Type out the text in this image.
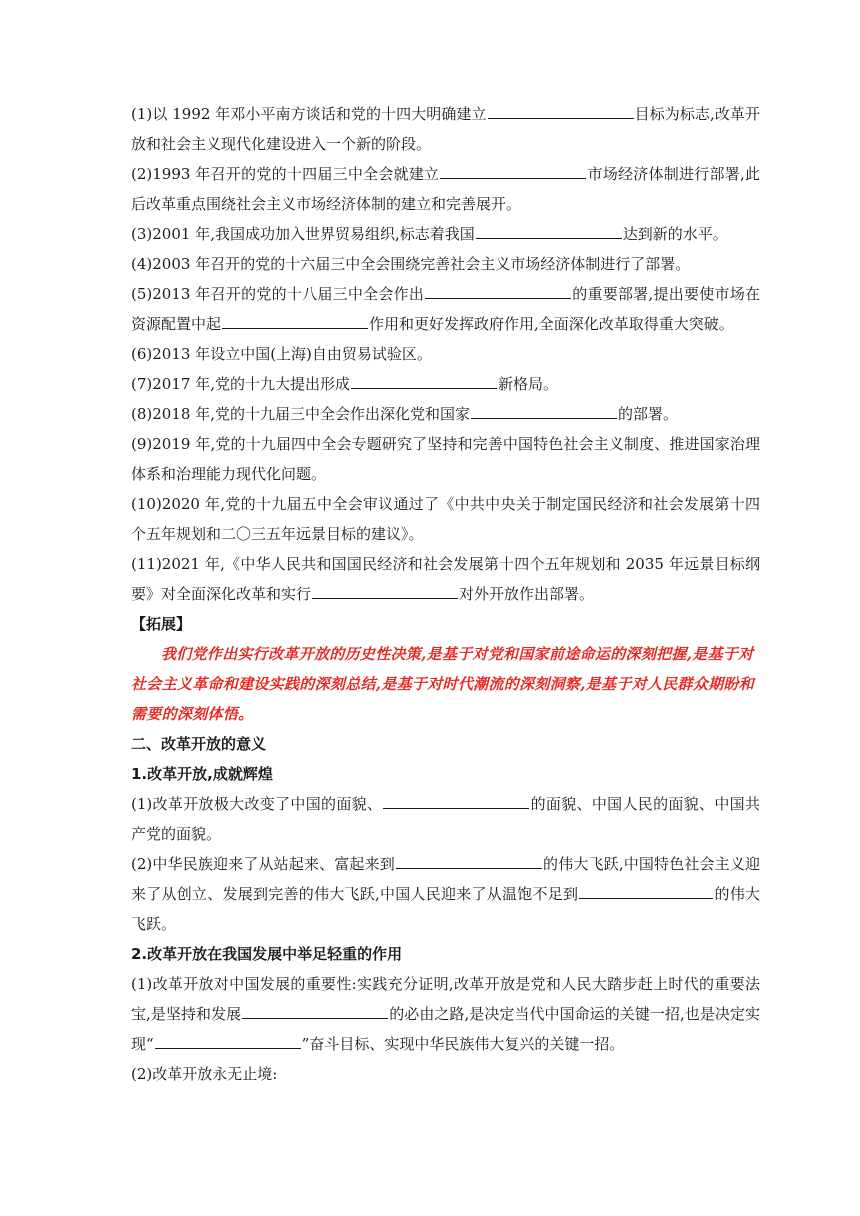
(1)以 1992 年邓小平南方谈话和党的十四大明确建立	目标为标志,改革开放和社会主义现代化建设进入一个新的阶段。

(2)1993 年召开的党的十四届三中全会就建立	市场经济体制进行部署,此后改革重点围绕社会主义市场经济体制的建立和完善展开。

(3)2001 年,我国成功加入世界贸易组织,标志着我国	达到新的水平。

(4)2003 年召开的党的十六届三中全会围绕完善社会主义市场经济体制进行了部署。

(5)2013 年召开的党的十八届三中全会作出	的重要部署,提出要使市场在资源配置中起	作用和更好发挥政府作用,全面深化改革取得重大突破。

(6)2013 年设立中国(上海)自由贸易试验区。

(7)2017 年,党的十九大提出形成	新格局。

(8)2018 年,党的十九届三中全会作出深化党和国家	的部署。

(9)2019 年,党的十九届四中全会专题研究了坚持和完善中国特色社会主义制度、推进国家治理体系和治理能力现代化问题。

(10)2020 年,党的十九届五中全会审议通过了《中共中央关于制定国民经济和社会发展第十四个五年规划和二〇三五年远景目标的建议》。

(11)2021 年,《中华人民共和国国民经济和社会发展第十四个五年规划和 2035 年远景目标纲要》对全面深化改革和实行	对外开放作出部署。

【拓展】

我们党作出实行改革开放的历史性决策,是基于对党和国家前途命运的深刻把握,是基于对社会主义革命和建设实践的深刻总结,是基于对时代潮流的深刻洞察,是基于对人民群众期盼和需要的深刻体悟。

二、改革开放的意义

1.改革开放,成就辉煌

(1)改革开放极大改变了中国的面貌、	的面貌、中国人民的面貌、中国共产党的面貌。

(2)中华民族迎来了从站起来、富起来到	的伟大飞跃,中国特色社会主义迎来了从创立、发展到完善的伟大飞跃,中国人民迎来了从温饱不足到	的伟大飞跃。

2.改革开放在我国发展中举足轻重的作用

(1)改革开放对中国发展的重要性:实践充分证明,改革开放是党和人民大踏步赶上时代的重要法宝,是坚持和发展	的必由之路,是决定当代中国命运的关键一招,也是决定实现“	”奋斗目标、实现中华民族伟大复兴的关键一招。

(2)改革开放永无止境:
